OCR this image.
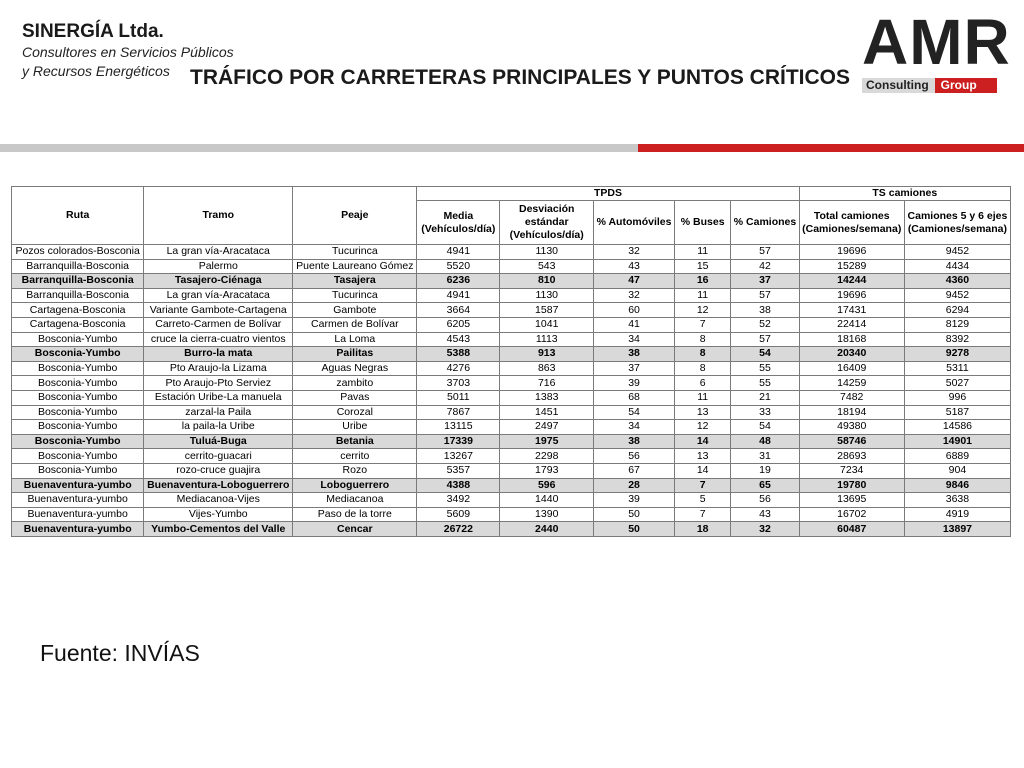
SINERGÍA Ltda.
Consultores en Servicios Públicos
y Recursos Energéticos TRÁFICO POR CARRETERAS PRINCIPALES Y PUNTOS CRÍTICOS AMR
Consulting	Group
Ruta	Tramo	Peaje	TPDS					TS camiones	
			Media (Vehículos/día)	Desviación estándar (Vehículos/día)	% Automóviles	% Buses	% Camiones	Total camiones (Camiones/semana)	Camiones 5 y 6 ejes (Camiones/semana)
Pozos colorados-Bosconia	La gran vía-Aracataca	Tucurinca	4941	1130	32	11	57	19696	9452
Barranquilla-Bosconia	Palermo	Puente Laureano Gómez	5520	543	43	15	42	15289	4434
Barranquilla-Bosconia	Tasajero-Ciénaga	Tasajera	6236	810	47	16	37	14244	4360
Barranquilla-Bosconia	La gran vía-Aracataca	Tucurinca	4941	1130	32	11	57	19696	9452
Cartagena-Bosconia	Variante Gambote-Cartagena	Gambote	3664	1587	60	12	38	17431	6294
Cartagena-Bosconia	Carreto-Carmen de Bolívar	Carmen de Bolívar	6205	1041	41	7	52	22414	8129
Bosconia-Yumbo	cruce la cierra-cuatro vientos	La Loma	4543	1113	34	8	57	18168	8392
Bosconia-Yumbo	Burro-la mata	Pailitas	5388	913	38	8	54	20340	9278
Bosconia-Yumbo	Pto Araujo-la Lizama	Aguas Negras	4276	863	37	8	55	16409	5311
Bosconia-Yumbo	Pto Araujo-Pto Serviez	zambito	3703	716	39	6	55	14259	5027
Bosconia-Yumbo	Estación Uribe-La manuela	Pavas	5011	1383	68	11	21	7482	996
Bosconia-Yumbo	zarzal-la Paila	Corozal	7867	1451	54	13	33	18194	5187
Bosconia-Yumbo	la paila-la Uribe	Uribe	13115	2497	34	12	54	49380	14586
Bosconia-Yumbo	Tuluá-Buga	Betania	17339	1975	38	14	48	58746	14901
Bosconia-Yumbo	cerrito-guacari	cerrito	13267	2298	56	13	31	28693	6889
Bosconia-Yumbo	rozo-cruce guajira	Rozo	5357	1793	67	14	19	7234	904
Buenaventura-yumbo	Buenaventura-Loboguerrero	Loboguerrero	4388	596	28	7	65	19780	9846
Buenaventura-yumbo	Mediacanoa-Vijes	Mediacanoa	3492	1440	39	5	56	13695	3638
Buenaventura-yumbo	Vijes-Yumbo	Paso de la torre	5609	1390	50	7	43	16702	4919
Buenaventura-yumbo	Yumbo-Cementos del Valle	Cencar	26722	2440	50	18	32	60487	13897
Fuente: INVÍAS
